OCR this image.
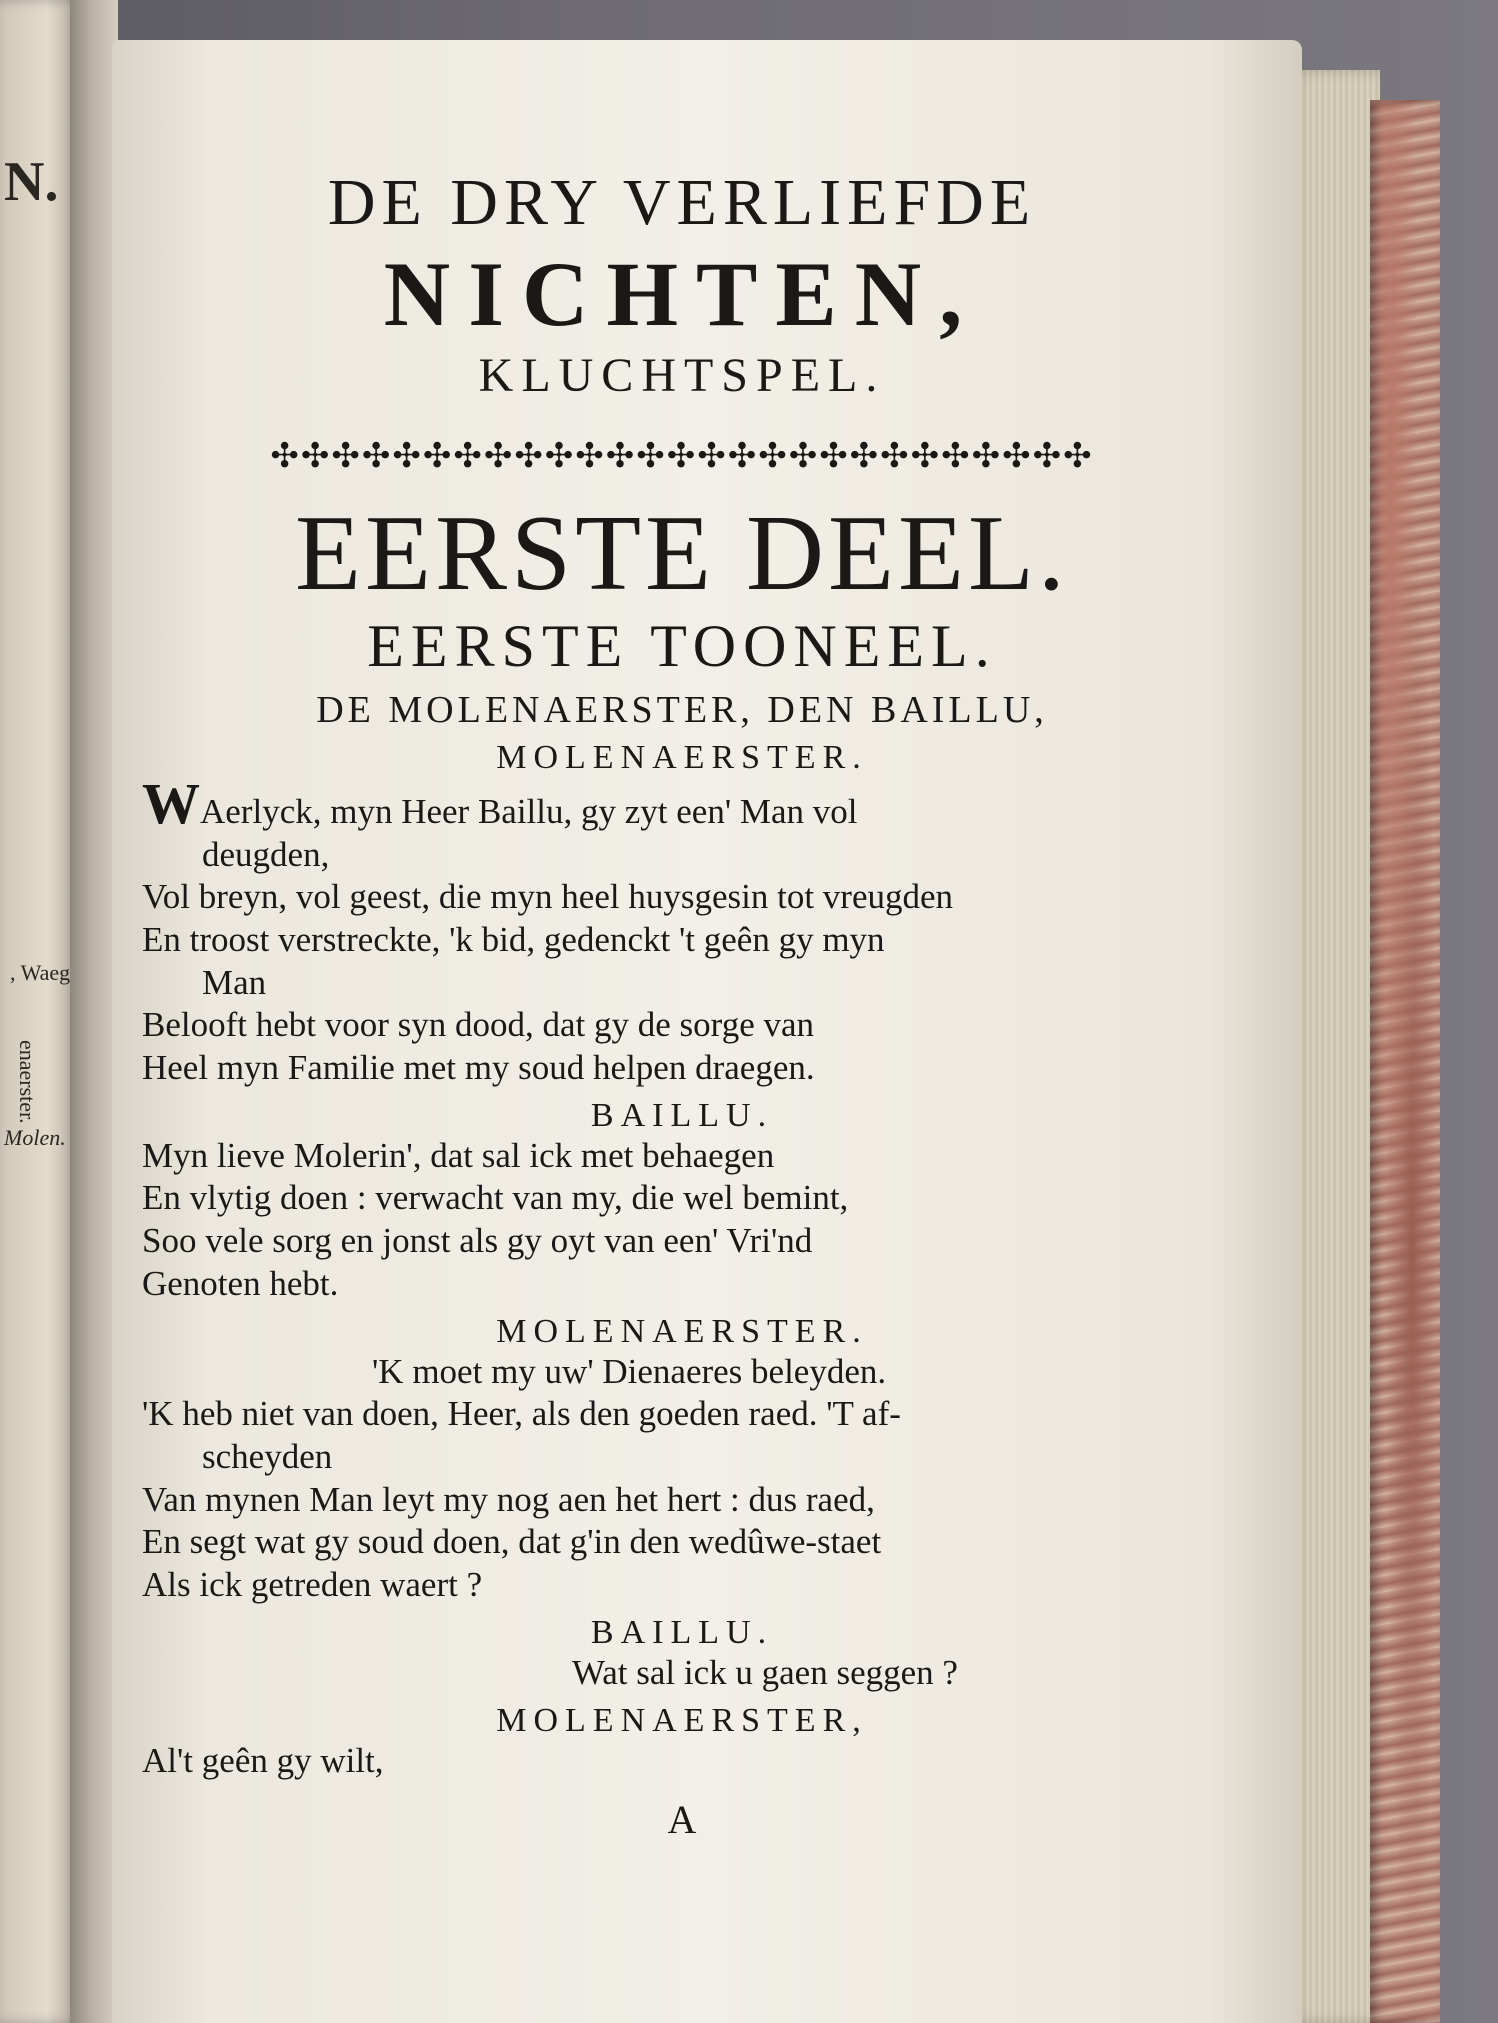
N.
enaerster.
, Waeg
Molen.

DE DRY VERLIEFDE

NICHTEN,

KLUCHTSPEL.

✣✣✣✣✣✣✣✣✣✣✣✣✣✣✣✣✣✣✣✣✣✣✣✣✣✣✣

EERSTE DEEL.

EERSTE TOONEEL.

DE MOLENAERSTER, DEN BAILLU,

MOLENAERSTER.

WAerlyck, myn Heer Baillu, gy zyt een' Man vol

deugden,

Vol breyn, vol geest, die myn heel huysgesin tot vreugden

En troost verstreckte, 'k bid, gedenckt 't geên gy myn

Man

Belooft hebt voor syn dood, dat gy de sorge van

Heel myn Familie met my soud helpen draegen.

BAILLU.

Myn lieve Molerin', dat sal ick met behaegen

En vlytig doen : verwacht van my, die wel bemint,

Soo vele sorg en jonst als gy oyt van een' Vri'nd

Genoten hebt.

MOLENAERSTER.

'K moet my uw' Dienaeres beleyden.

'K heb niet van doen, Heer, als den goeden raed. 'T af-

scheyden

Van mynen Man leyt my nog aen het hert : dus raed,

En segt wat gy soud doen, dat g'in den wedûwe-staet

Als ick getreden waert ?

BAILLU.

Wat sal ick u gaen seggen ?

MOLENAERSTER,

Al't geên gy wilt,

A
